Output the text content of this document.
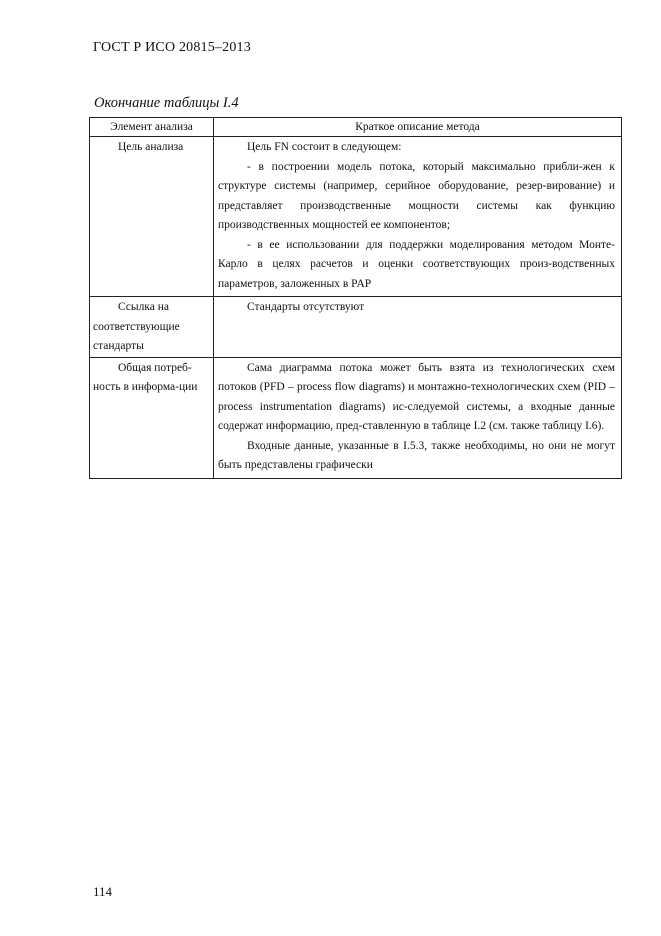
ГОСТ Р ИСО 20815–2013
Окончание таблицы I.4
Элемент анализа	Краткое описание метода

Цель анализа	Цель FN состоит в следующем:

- в построении модель потока, который максимально прибли-жен к структуре системы (например, серийное оборудование, резер-вирование) и представляет производственные мощности системы как функцию производственных мощностей ее компонентов;

- в ее использовании для поддержки моделирования методом Монте-Карло в целях расчетов и оценки соответствующих произ-водственных параметров, заложенных в PAP

Ссылка на соответствующие стандарты	Стандарты отсутствуют

Общая потреб-ность в информа-ции	Сама диаграмма потока может быть взята из технологических схем потоков (PFD – process flow diagrams) и монтажно-технологических схем (PID – process instrumentation diagrams) ис-следуемой системы, а входные данные содержат информацию, пред-ставленную в таблице I.2 (см. также таблицу I.6).

Входные данные, указанные в I.5.3, также необходимы, но они не могут быть представлены графически

114
